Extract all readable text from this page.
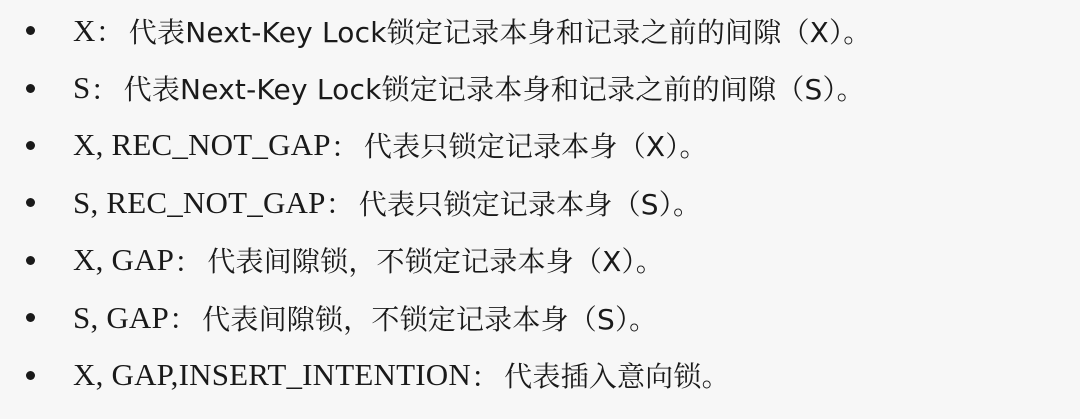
X ： 代表Next-Key Lock锁定记录本身和记录之前的间隙（X）。
S ： 代表Next-Key Lock锁定记录本身和记录之前的间隙（S）。
X, REC_NOT_GAP ： 代表只锁定记录本身（X）。
S, REC_NOT_GAP ： 代表只锁定记录本身（S）。
X, GAP ： 代表间隙锁，不锁定记录本身（X）。
S, GAP ： 代表间隙锁，不锁定记录本身（S）。
X, GAP,INSERT_INTENTION ： 代表插入意向锁。
